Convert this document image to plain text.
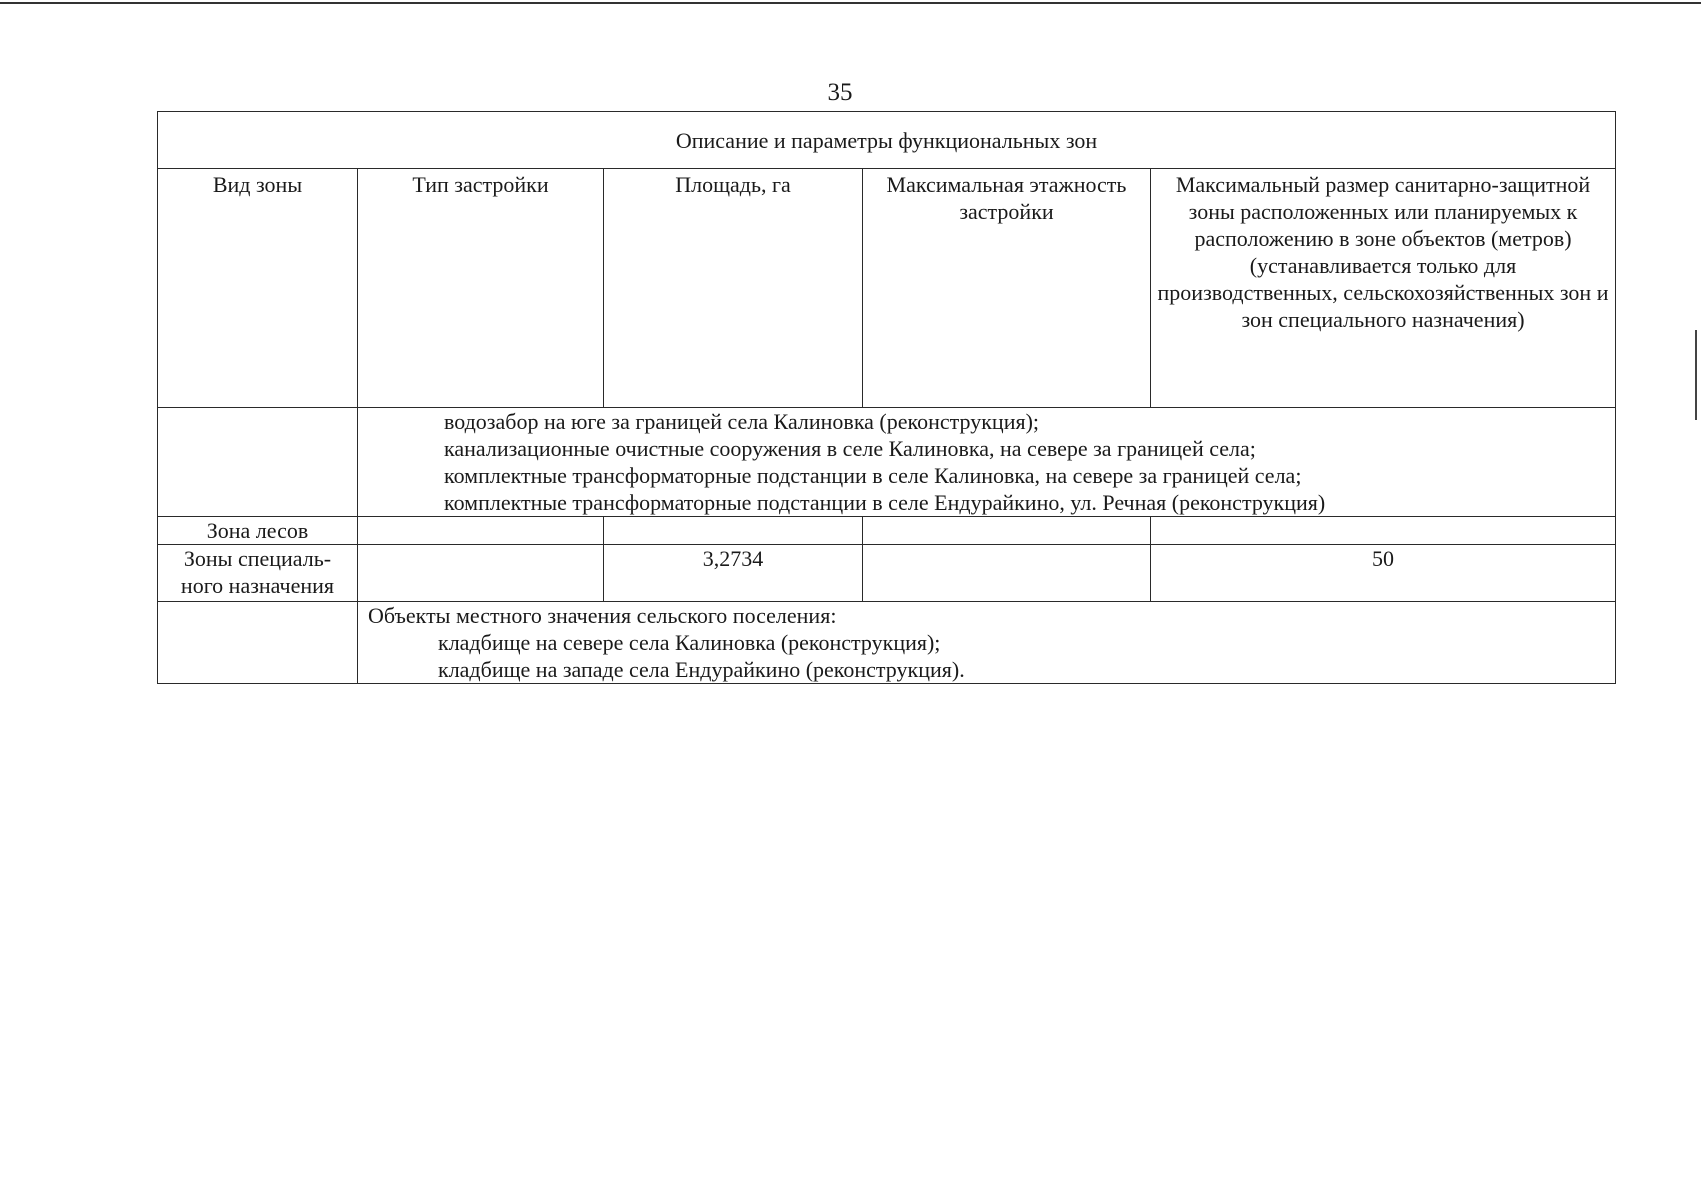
35
Описание и параметры функциональных зон				
Вид зоны	Тип застройки	Площадь, га	Максимальная этажность застройки	Максимальный размер санитарно-защитной зоны расположенных или планируемых к расположению в зоне объектов (метров)
(устанавливается только для производственных, сельскохозяйственных зон и зон специального назначения)

	водозабор на юге за границей села Калиновка (реконструкция);
канализационные очистные сооружения в селе Калиновка, на севере за границей села;
комплектные трансформаторные подстанции в селе Калиновка, на севере за границей села;
комплектные трансформаторные подстанции в селе Ендурайкино, ул. Речная (реконструкция)			

Зона лесов				
Зоны специаль-
ного назначения		3,2734		50

	Объекты местного значения сельского поселения:
кладбище на севере села Калиновка (реконструкция);
кладбище на западе села Ендурайкино (реконструкция).			
